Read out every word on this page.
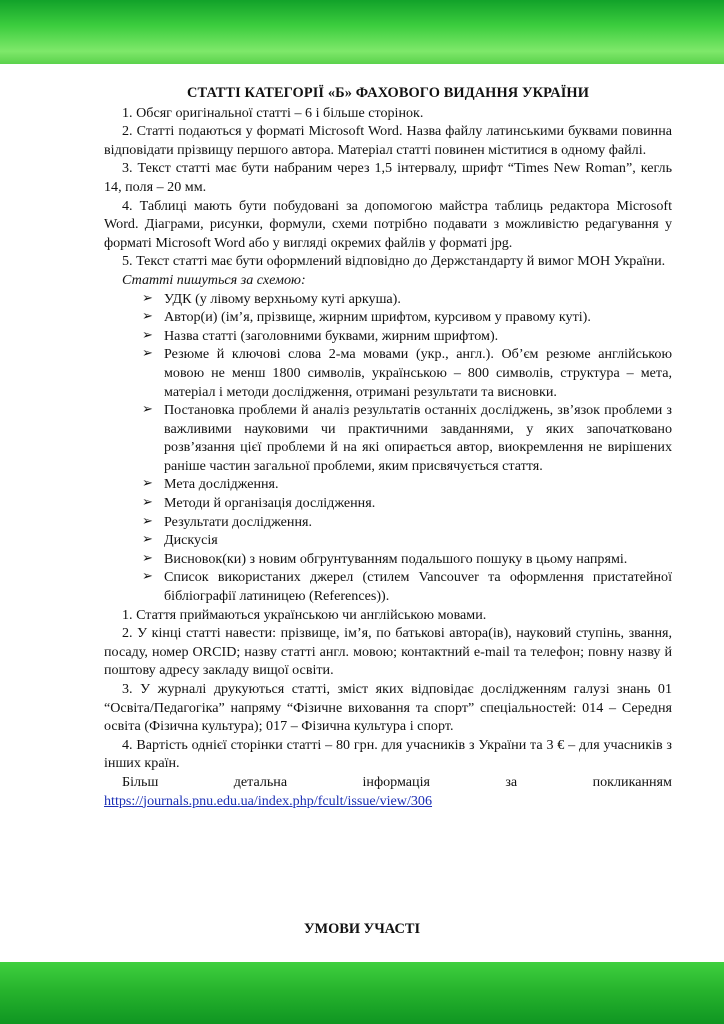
СТАТТІ КАТЕГОРІЇ «Б» ФАХОВОГО ВИДАННЯ УКРАЇНИ

1. Обсяг оригінальної статті – 6 і більше сторінок.

2. Статті подаються у форматі Microsoft Word. Назва файлу латинськими буквами повинна відповідати прізвищу першого автора. Матеріал статті повинен міститися в одному файлі.

3. Текст статті має бути набраним через 1,5 інтервалу, шрифт “Times New Roman”, кегль 14, поля – 20 мм.

4. Таблиці мають бути побудовані за допомогою майстра таблиць редактора Microsoft Word. Діаграми, рисунки, формули, схеми потрібно подавати з можливістю редагування у форматі Microsoft Word або у вигляді окремих файлів у форматі jpg.

5. Текст статті має бути оформлений відповідно до Держстандарту й вимог МОН України.

Статті пишуться за схемою:

➢ УДК (у лівому верхньому куті аркуша).
➢ Автор(и) (ім’я, прізвище, жирним шрифтом, курсивом у правому куті).
➢ Назва статті (заголовними буквами, жирним шрифтом).
➢ Резюме й ключові слова 2-ма мовами (укр., англ.). Об’єм резюме англійською мовою не менш 1800 символів, українською – 800 символів, структура – мета, матеріал і методи дослідження, отримані результати та висновки.
➢ Постановка проблеми й аналіз результатів останніх досліджень, зв’язок проблеми з важливими науковими чи практичними завданнями, у яких започатковано розв’язання цієї проблеми й на які опирається автор, виокремлення не вирішених раніше частин загальної проблеми, яким присвячується стаття.
➢ Мета дослідження.
➢ Методи й організація дослідження.
➢ Результати дослідження.
➢ Дискусія
➢ Висновок(ки) з новим обгрунтуванням подальшого пошуку в цьому напрямі.
➢ Список використаних джерел (стилем Vancouver та оформлення пристатейної бібліографії латиницею (References)).

1. Стаття приймаються українською чи англійською мовами.

2. У кінці статті навести: прізвище, ім’я, по батькові автора(ів), науковий ступінь, звання, посаду, номер ORCID; назву статті англ. мовою; контактний e-mail та телефон; повну назву й поштову адресу закладу вищої освіти.

3. У журналі друкуються статті, зміст яких відповідає дослідженням галузі знань 01 “Освіта/Педагогіка” напряму “Фізичне виховання та спорт” спеціальностей: 014 – Середня освіта (Фізична культура); 017 – Фізична культура і спорт.

4. Вартість однієї сторінки статті – 80 грн. для учасників з України та 3 € – для учасників з інших країн.

Більш	детальна	інформація	за	покликанням
https://journals.pnu.edu.ua/index.php/fcult/issue/view/306
УМОВИ УЧАСТІ
